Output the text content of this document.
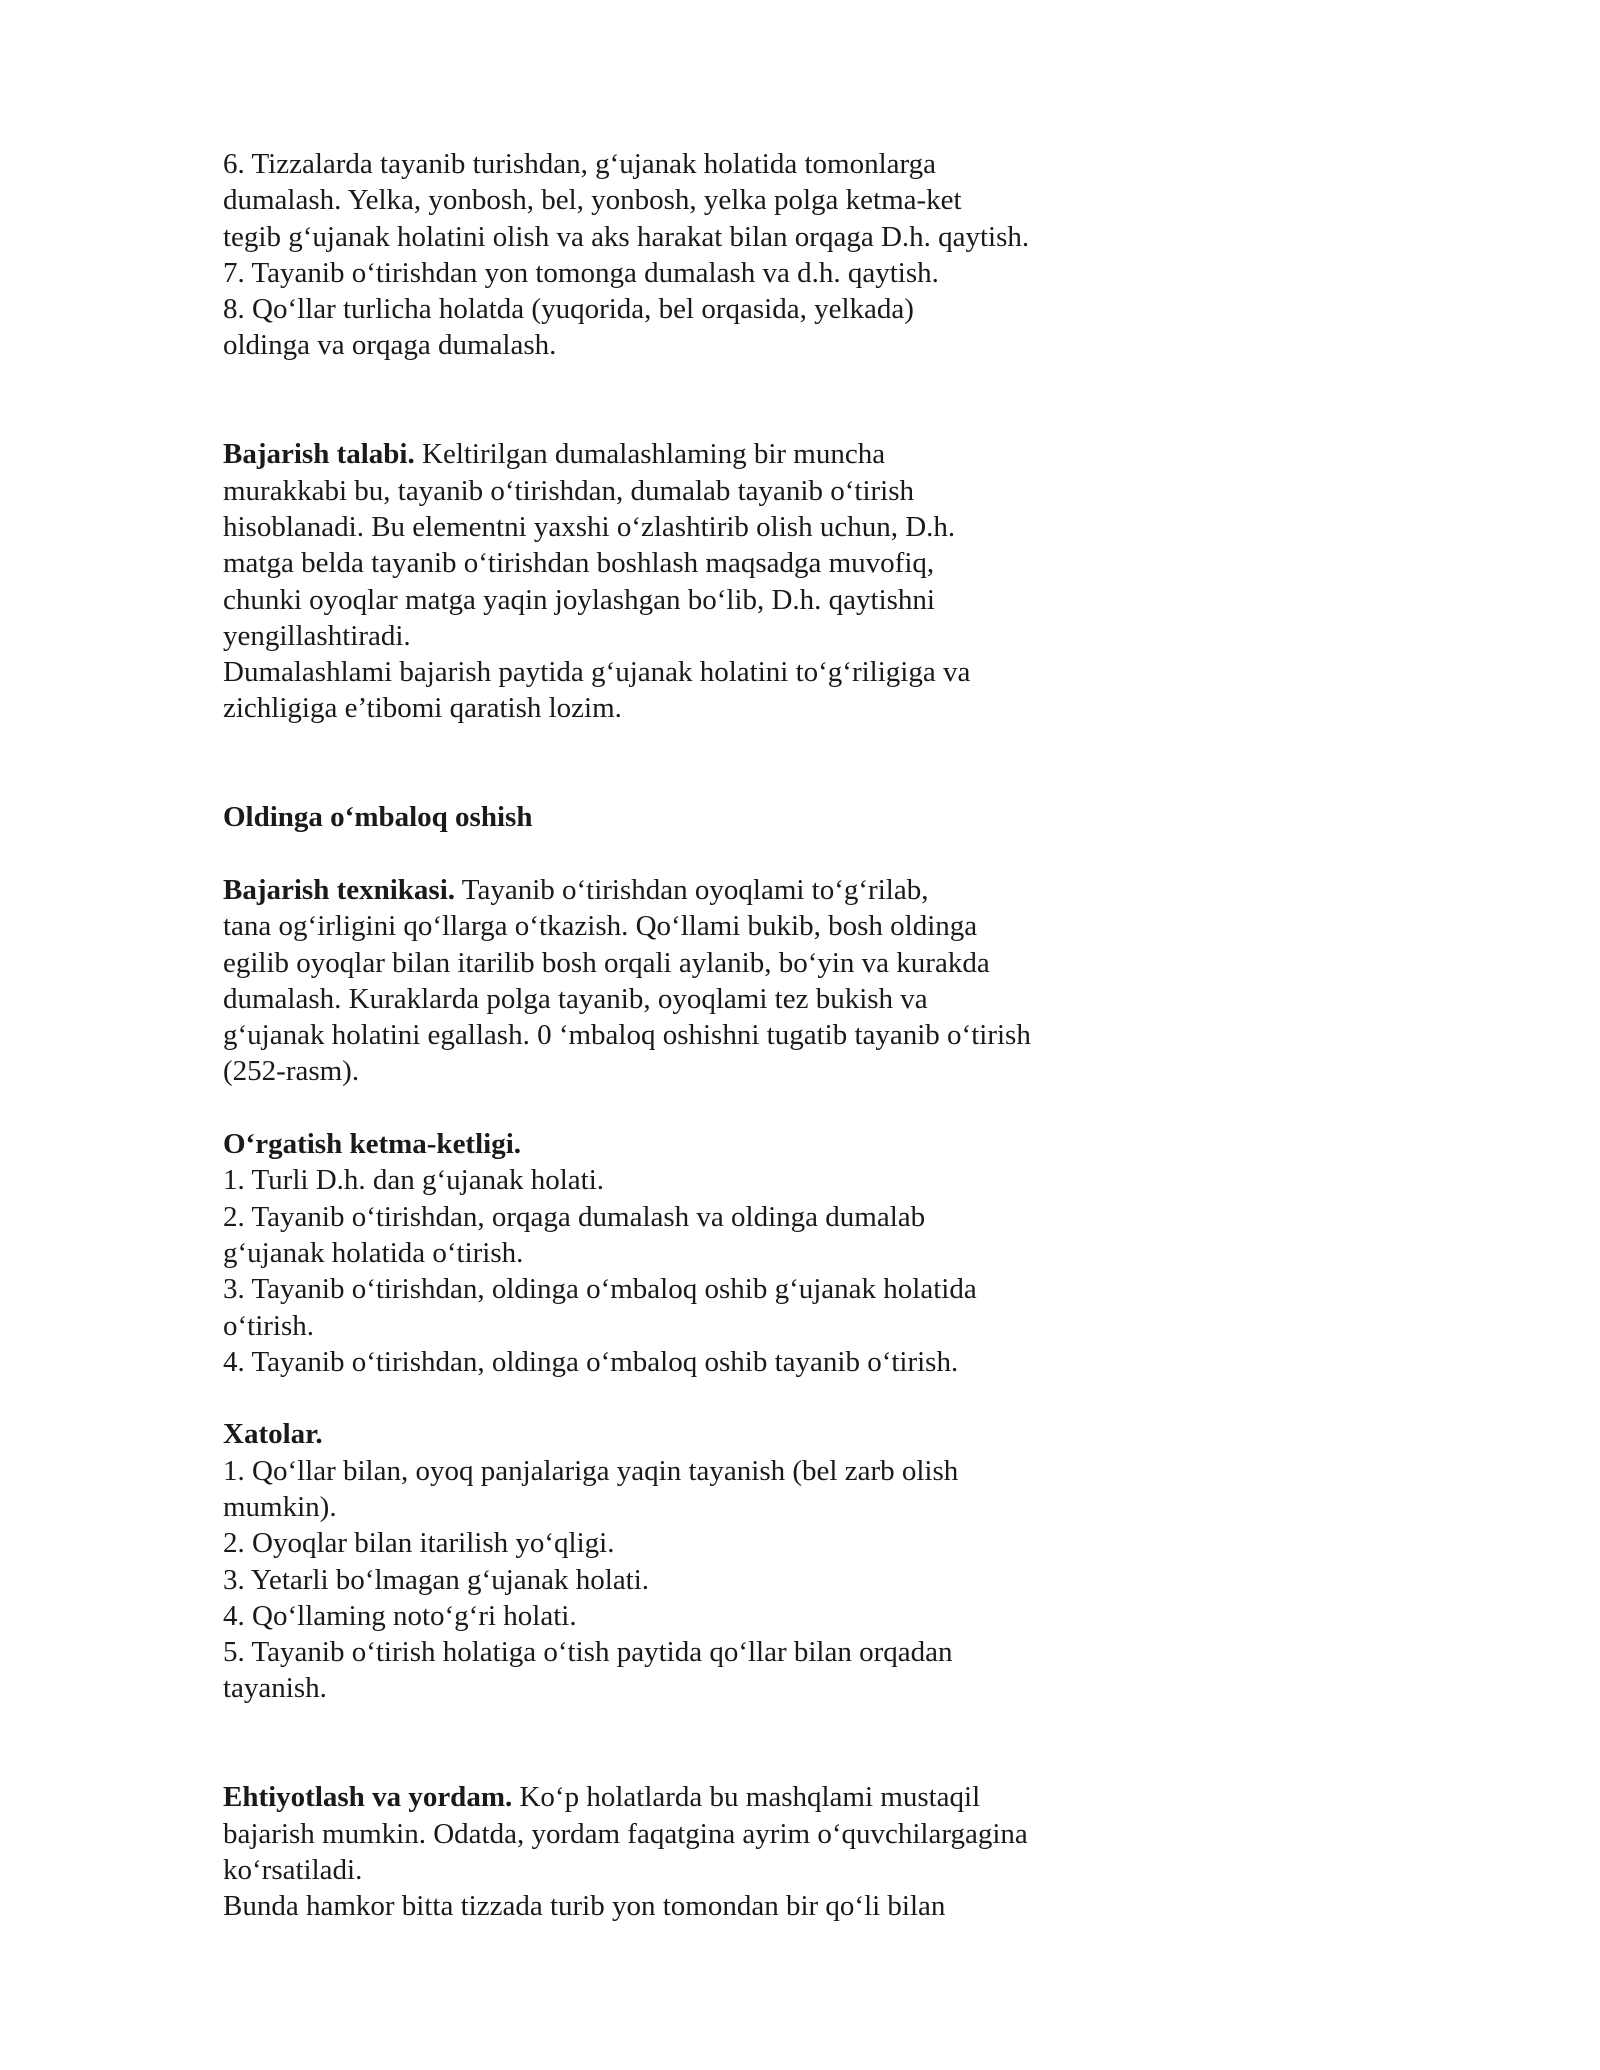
6. Tizzalarda tayanib turishdan, g‘ujanak holatida tomonlarga
dumalash. Yelka, yonbosh, bel, yonbosh, yelka polga ketma-ket
tegib g‘ujanak holatini olish va aks harakat bilan orqaga D.h. qaytish.
7. Tayanib o‘tirishdan yon tomonga dumalash va d.h. qaytish.
8. Qo‘llar turlicha holatda (yuqorida, bel orqasida, yelkada)
oldinga va orqaga dumalash.
Bajarish talabi. Keltirilgan dumalashlaming bir muncha
murakkabi bu, tayanib o‘tirishdan, dumalab tayanib o‘tirish
hisoblanadi. Bu elementni yaxshi o‘zlashtirib olish uchun, D.h.
matga belda tayanib o‘tirishdan boshlash maqsadga muvofiq,
chunki oyoqlar matga yaqin joylashgan bo‘lib, D.h. qaytishni
yengillashtiradi.
Dumalashlami bajarish paytida g‘ujanak holatini to‘g‘riligiga va
zichligiga e’tibomi qaratish lozim.
Oldinga o‘mbaloq oshish
Bajarish texnikasi. Tayanib o‘tirishdan oyoqlami to‘g‘rilab,
tana og‘irligini qo‘llarga o‘tkazish. Qo‘llami bukib, bosh oldinga
egilib oyoqlar bilan itarilib bosh orqali aylanib, bo‘yin va kurakda
dumalash. Kuraklarda polga tayanib, oyoqlami tez bukish va
g‘ujanak holatini egallash. 0 ‘mbaloq oshishni tugatib tayanib o‘tirish
(252-rasm).
O‘rgatish ketma-ketligi.
1. Turli D.h. dan g‘ujanak holati.
2. Tayanib o‘tirishdan, orqaga dumalash va oldinga dumalab
g‘ujanak holatida o‘tirish.
3. Tayanib o‘tirishdan, oldinga o‘mbaloq oshib g‘ujanak holatida
o‘tirish.
4. Tayanib o‘tirishdan, oldinga o‘mbaloq oshib tayanib o‘tirish.
Xatolar.
1. Qo‘llar bilan, oyoq panjalariga yaqin tayanish (bel zarb olish
mumkin).
2. Oyoqlar bilan itarilish yo‘qligi.
3. Yetarli bo‘lmagan g‘ujanak holati.
4. Qo‘llaming noto‘g‘ri holati.
5. Tayanib o‘tirish holatiga o‘tish paytida qo‘llar bilan orqadan
tayanish.
Ehtiyotlash va yordam. Ko‘p holatlarda bu mashqlami mustaqil
bajarish mumkin. Odatda, yordam faqatgina ayrim o‘quvchilargagina
ko‘rsatiladi.
Bunda hamkor bitta tizzada turib yon tomondan bir qo‘li bilan
